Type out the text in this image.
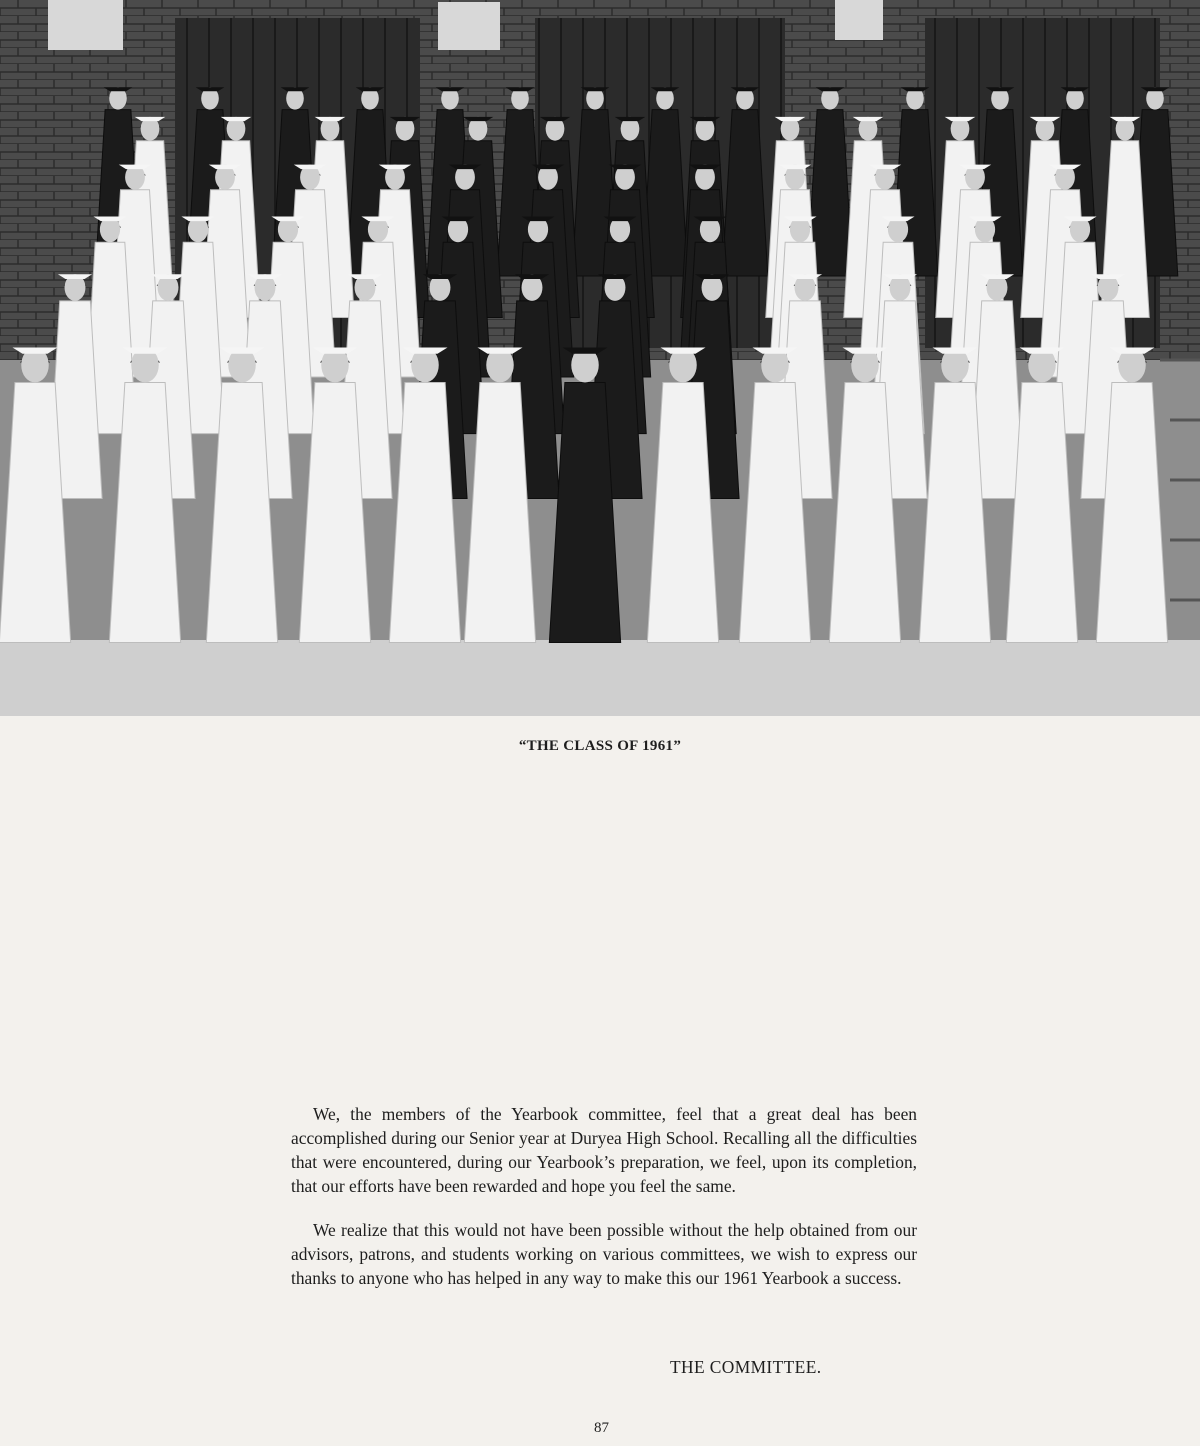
“THE CLASS OF 1961”

We, the members of the Yearbook committee, feel that a great deal has been accomplished during our Senior year at Duryea High School. Recalling all the difficulties that were encountered, during our Yearbook’s preparation, we feel, upon its completion, that our efforts have been rewarded and hope you feel the same.

We realize that this would not have been possible without the help obtained from our advisors, patrons, and students working on various committees, we wish to express our thanks to anyone who has helped in any way to make this our 1961 Yearbook a success.

THE COMMITTEE.
87
